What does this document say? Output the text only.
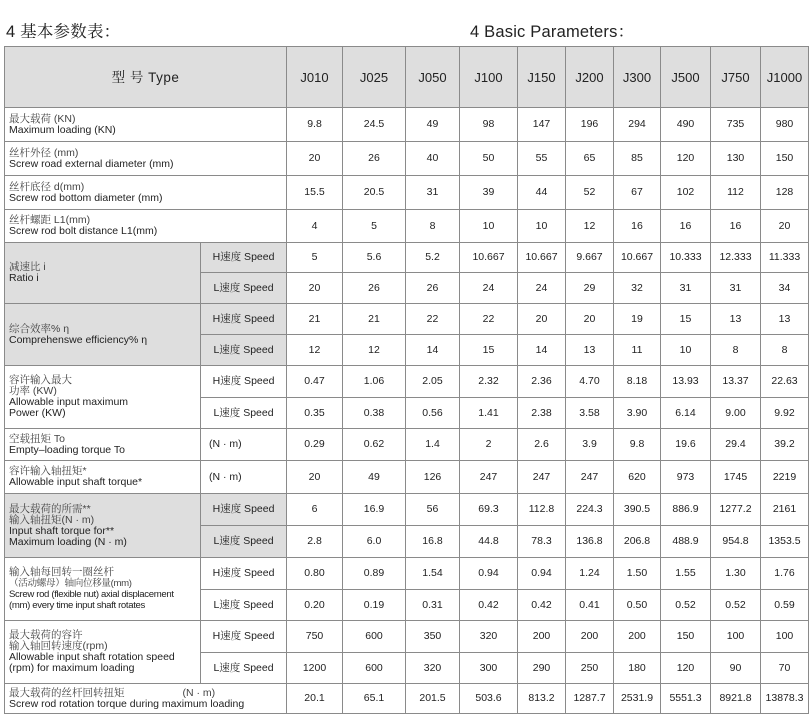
4 基本参数表：	4 Basic Parameters：
型 号 Type		J010	J025	J050	J100	J150	J200	J300	J500	J750	J1000

最大载荷 (KN)
Maximum loading (KN)		9.8	24.5	49	98	147	196	294	490	735	980

丝杆外径 (mm)
Screw road external diameter (mm)		20	26	40	50	55	65	85	120	130	150

丝杆底径 d(mm)
Screw rod bottom diameter (mm)		15.5	20.5	31	39	44	52	67	102	112	128

丝杆螺距 L1(mm)
Screw rod bolt distance L1(mm)		4	5	8	10	10	12	16	16	16	20

减速比 i
Ratio i	H速度 Speed	5	5.6	5.2	10.667	10.667	9.667	10.667	10.333	12.333	11.333
	L速度 Speed	20	26	26	24	24	29	32	31	31	34

综合效率% η
Comprehenswe efficiency% η	H速度 Speed	21	21	22	22	20	20	19	15	13	13
	L速度 Speed	12	12	14	15	14	13	11	10	8	8

容许输入最大
功率 (KW)
Allowable input maximum
Power (KW)	H速度 Speed	0.47	1.06	2.05	2.32	2.36	4.70	8.18	13.93	13.37	22.63
	L速度 Speed	0.35	0.38	0.56	1.41	2.38	3.58	3.90	6.14	9.00	9.92

空载扭矩 To
Empty–loading torque To	(N · m)	0.29	0.62	1.4	2	2.6	3.9	9.8	19.6	29.4	39.2

容许输入轴扭矩*
Allowable input shaft torque*	(N · m)	20	49	126	247	247	247	620	973	1745	2219

最大载荷的所需**
输入轴扭矩(N · m)
Input shaft torque for**
Maximum loading (N · m)	H速度 Speed	6	16.9	56	69.3	112.8	224.3	390.5	886.9	1277.2	2161
	L速度 Speed	2.8	6.0	16.8	44.8	78.3	136.8	206.8	488.9	954.8	1353.5

输入轴每回转一圈丝杆
（活动螺母）轴向位移量(mm)
Screw rod (flexible nut) axial displacement
(mm) every time input shaft rotates	H速度 Speed	0.80	0.89	1.54	0.94	0.94	1.24	1.50	1.55	1.30	1.76
	L速度 Speed	0.20	0.19	0.31	0.42	0.42	0.41	0.50	0.52	0.52	0.59

最大载荷的容许
输入轴回转速度(rpm)
Allowable input shaft rotation speed
(rpm) for maximum loading	H速度 Speed	750	600	350	320	200	200	200	150	100	100
	L速度 Speed	1200	600	320	300	290	250	180	120	90	70

最大载荷的丝杆回转扭矩 (N · m)
Screw rod rotation torque during maximum loading		20.1	65.1	201.5	503.6	813.2	1287.7	2531.9	5551.3	8921.8	13878.3
